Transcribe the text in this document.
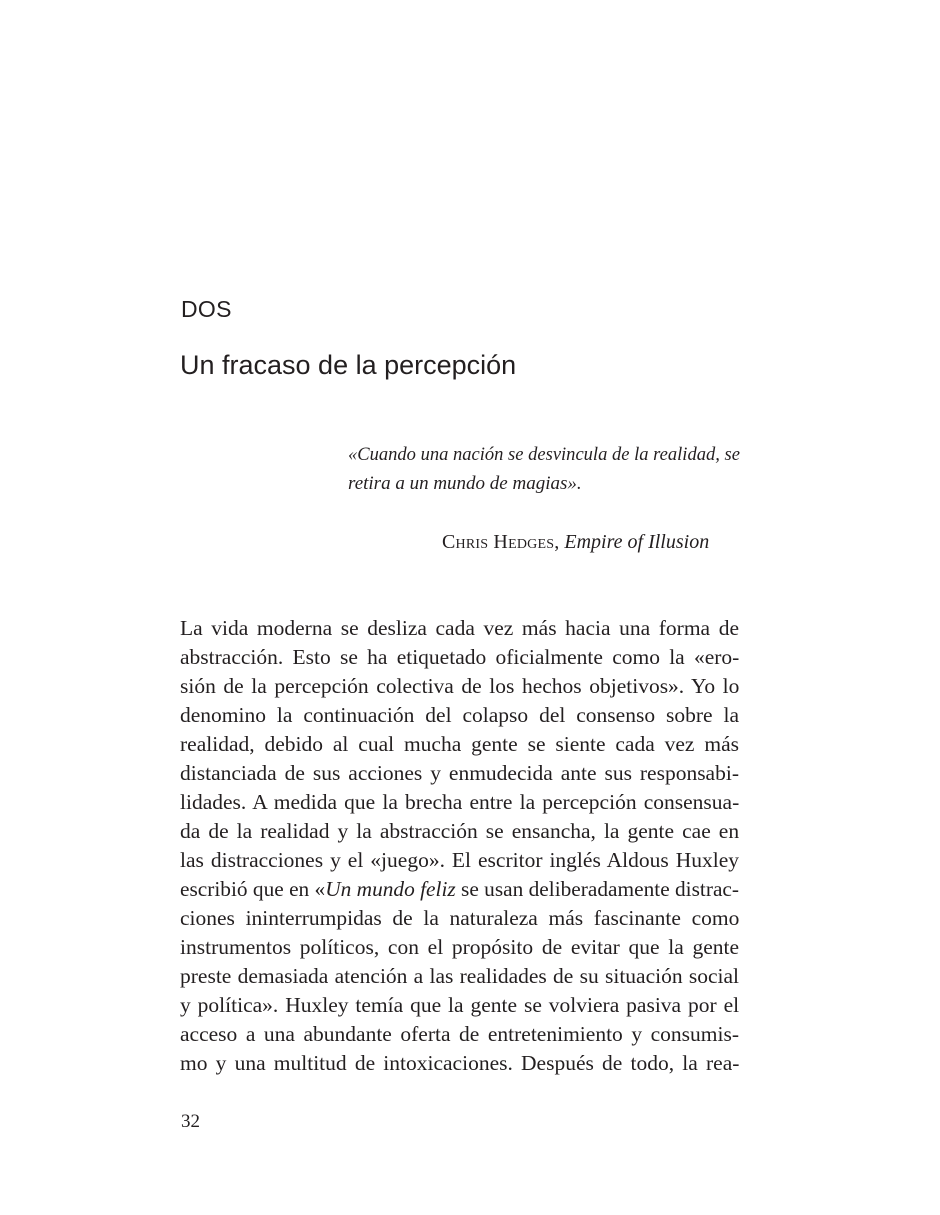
DOS
Un fracaso de la percepción
«Cuando una nación se desvincula de la realidad, se
retira a un mundo de magias».
Chris Hedges, Empire of Illusion
La vida moderna se desliza cada vez más hacia una forma de
abstracción. Esto se ha etiquetado oficialmente como la «ero-
sión de la percepción colectiva de los hechos objetivos». Yo lo
denomino la continuación del colapso del consenso sobre la
realidad, debido al cual mucha gente se siente cada vez más
distanciada de sus acciones y enmudecida ante sus responsabi-
lidades. A medida que la brecha entre la percepción consensua-
da de la realidad y la abstracción se ensancha, la gente cae en
las distracciones y el «juego». El escritor inglés Aldous Huxley
escribió que en «Un mundo feliz se usan deliberadamente distrac-
ciones ininterrumpidas de la naturaleza más fascinante como
instrumentos políticos, con el propósito de evitar que la gente
preste demasiada atención a las realidades de su situación social
y política». Huxley temía que la gente se volviera pasiva por el
acceso a una abundante oferta de entretenimiento y consumis-
mo y una multitud de intoxicaciones. Después de todo, la rea-
32
